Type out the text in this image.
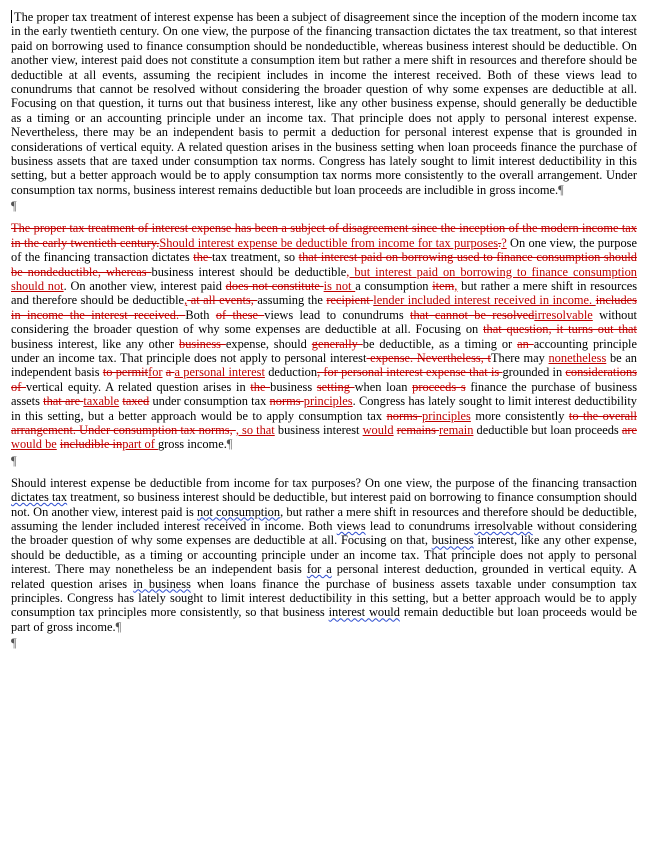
The proper tax treatment of interest expense has been a subject of disagreement since the inception of the modern income tax in the early twentieth century. On one view, the purpose of the financing transaction dictates the tax treatment, so that interest paid on borrowing used to finance consumption should be nondeductible, whereas business interest should be deductible. On another view, interest paid does not constitute a consumption item but rather a mere shift in resources and therefore should be deductible at all events, assuming the recipient includes in income the interest received. Both of these views lead to conundrums that cannot be resolved without considering the broader question of why some expenses are deductible at all. Focusing on that question, it turns out that business interest, like any other business expense, should generally be deductible as a timing or an accounting principle under an income tax. That principle does not apply to personal interest expense. Nevertheless, there may be an independent basis to permit a deduction for personal interest expense that is grounded in considerations of vertical equity. A related question arises in the business setting when loan proceeds finance the purchase of business assets that are taxed under consumption tax norms. Congress has lately sought to limit interest deductibility in this setting, but a better approach would be to apply consumption tax norms more consistently to the overall arrangement. Under consumption tax norms, business interest remains deductible but loan proceeds are includible in gross income.¶

¶

The proper tax treatment of interest expense has been a subject of disagreement since the inception of the modern income tax in the early twentieth century.Should interest expense be deductible from income for tax purposes.? On one view, the purpose of the financing transaction dictates the tax treatment, so that interest paid on borrowing used to finance consumption should be nondeductible, whereas business interest should be deductible, but interest paid on borrowing to finance consumption should not. On another view, interest paid does not constitute is not a consumption item, but rather a mere shift in resources and therefore should be deductible, at all events, assuming the recipient lender included interest received in income. includes in income the interest received. Both of these views lead to conundrums that cannot be resolvedirresolvable without considering the broader question of why some expenses are deductible at all. Focusing on that question, it turns out that business interest, like any other business expense, should generally be deductible, as a timing or an accounting principle under an income tax. That principle does not apply to personal interest expense. Nevertheless, tThere may nonetheless be an independent basis to permitfor a a personal interest deduction, for personal interest expense that is grounded in considerations of vertical equity. A related question arises in the business setting when loan proceeds s finance the purchase of business assets that are taxable taxed under consumption tax norms principles. Congress has lately sought to limit interest deductibility in this setting, but a better approach would be to apply consumption tax norms principles more consistently to the overall arrangement. Under consumption tax norms, , so that business interest would remains remain deductible but loan proceeds are would be includible inpart of gross income.¶

¶

Should interest expense be deductible from income for tax purposes? On one view, the purpose of the financing transaction dictates tax treatment, so business interest should be deductible, but interest paid on borrowing to finance consumption should not. On another view, interest paid is not consumption, but rather a mere shift in resources and therefore should be deductible, assuming the lender included interest received in income. Both views lead to conundrums irresolvable without considering the broader question of why some expenses are deductible at all. Focusing on that, business interest, like any other expense, should be deductible, as a timing or accounting principle under an income tax. That principle does not apply to personal interest. There may nonetheless be an independent basis for a personal interest deduction, grounded in vertical equity. A related question arises in business when loans finance the purchase of business assets taxable under consumption tax principles. Congress has lately sought to limit interest deductibility in this setting, but a better approach would be to apply consumption tax principles more consistently, so that business interest would remain deductible but loan proceeds would be part of gross income.¶

¶
